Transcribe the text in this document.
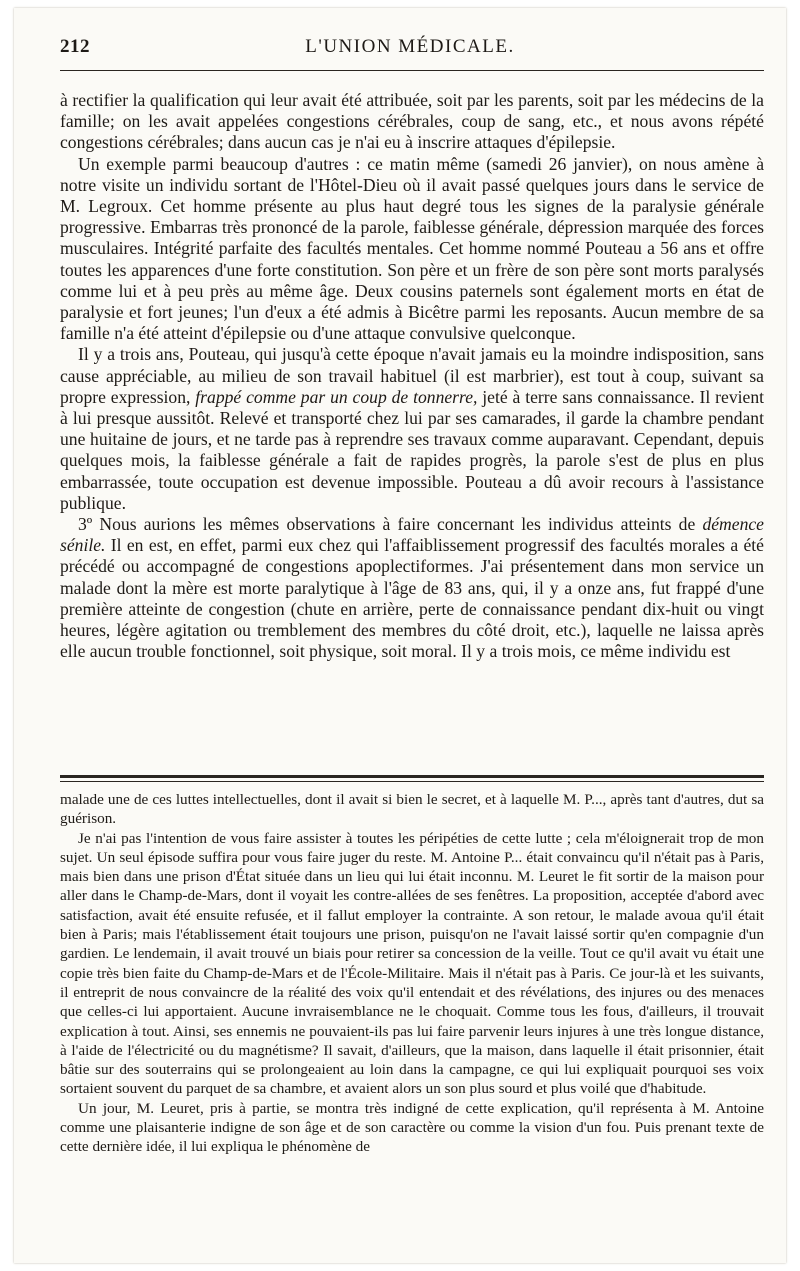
212	L'UNION MÉDICALE.

à rectifier la qualification qui leur avait été attribuée, soit par les parents, soit par les médecins de la famille; on les avait appelées congestions cérébrales, coup de sang, etc., et nous avons répété congestions cérébrales; dans aucun cas je n'ai eu à inscrire attaques d'épilepsie.

Un exemple parmi beaucoup d'autres : ce matin même (samedi 26 janvier), on nous amène à notre visite un individu sortant de l'Hôtel-Dieu où il avait passé quelques jours dans le service de M. Legroux. Cet homme présente au plus haut degré tous les signes de la paralysie générale progressive. Embarras très prononcé de la parole, faiblesse générale, dépression marquée des forces musculaires. Intégrité parfaite des facultés mentales. Cet homme nommé Pouteau a 56 ans et offre toutes les apparences d'une forte constitution. Son père et un frère de son père sont morts paralysés comme lui et à peu près au même âge. Deux cousins paternels sont également morts en état de paralysie et fort jeunes; l'un d'eux a été admis à Bicêtre parmi les reposants. Aucun membre de sa famille n'a été atteint d'épilepsie ou d'une attaque convulsive quelconque.

Il y a trois ans, Pouteau, qui jusqu'à cette époque n'avait jamais eu la moindre indisposition, sans cause appréciable, au milieu de son travail habituel (il est marbrier), est tout à coup, suivant sa propre expression, frappé comme par un coup de tonnerre, jeté à terre sans connaissance. Il revient à lui presque aussitôt. Relevé et transporté chez lui par ses camarades, il garde la chambre pendant une huitaine de jours, et ne tarde pas à reprendre ses travaux comme auparavant. Cependant, depuis quelques mois, la faiblesse générale a fait de rapides progrès, la parole s'est de plus en plus embarrassée, toute occupation est devenue impossible. Pouteau a dû avoir recours à l'assistance publique.

3º Nous aurions les mêmes observations à faire concernant les individus atteints de démence sénile. Il en est, en effet, parmi eux chez qui l'affaiblissement progressif des facultés morales a été précédé ou accompagné de congestions apoplectiformes. J'ai présentement dans mon service un malade dont la mère est morte paralytique à l'âge de 83 ans, qui, il y a onze ans, fut frappé d'une première atteinte de congestion (chute en arrière, perte de connaissance pendant dix-huit ou vingt heures, légère agitation ou tremblement des membres du côté droit, etc.), laquelle ne laissa après elle aucun trouble fonctionnel, soit physique, soit moral. Il y a trois mois, ce même individu est

malade une de ces luttes intellectuelles, dont il avait si bien le secret, et à laquelle M. P..., après tant d'autres, dut sa guérison.

Je n'ai pas l'intention de vous faire assister à toutes les péripéties de cette lutte ; cela m'éloignerait trop de mon sujet. Un seul épisode suffira pour vous faire juger du reste. M. Antoine P... était convaincu qu'il n'était pas à Paris, mais bien dans une prison d'État située dans un lieu qui lui était inconnu. M. Leuret le fit sortir de la maison pour aller dans le Champ-de-Mars, dont il voyait les contre-allées de ses fenêtres. La proposition, acceptée d'abord avec satisfaction, avait été ensuite refusée, et il fallut employer la contrainte. A son retour, le malade avoua qu'il était bien à Paris; mais l'établissement était toujours une prison, puisqu'on ne l'avait laissé sortir qu'en compagnie d'un gardien. Le lendemain, il avait trouvé un biais pour retirer sa concession de la veille. Tout ce qu'il avait vu était une copie très bien faite du Champ-de-Mars et de l'École-Militaire. Mais il n'était pas à Paris. Ce jour-là et les suivants, il entreprit de nous convaincre de la réalité des voix qu'il entendait et des révélations, des injures ou des menaces que celles-ci lui apportaient. Aucune invraisemblance ne le choquait. Comme tous les fous, d'ailleurs, il trouvait explication à tout. Ainsi, ses ennemis ne pouvaient-ils pas lui faire parvenir leurs injures à une très longue distance, à l'aide de l'électricité ou du magnétisme? Il savait, d'ailleurs, que la maison, dans laquelle il était prisonnier, était bâtie sur des souterrains qui se prolongeaient au loin dans la campagne, ce qui lui expliquait pourquoi ses voix sortaient souvent du parquet de sa chambre, et avaient alors un son plus sourd et plus voilé que d'habitude.

Un jour, M. Leuret, pris à partie, se montra très indigné de cette explication, qu'il représenta à M. Antoine comme une plaisanterie indigne de son âge et de son caractère ou comme la vision d'un fou. Puis prenant texte de cette dernière idée, il lui expliqua le phénomène de
